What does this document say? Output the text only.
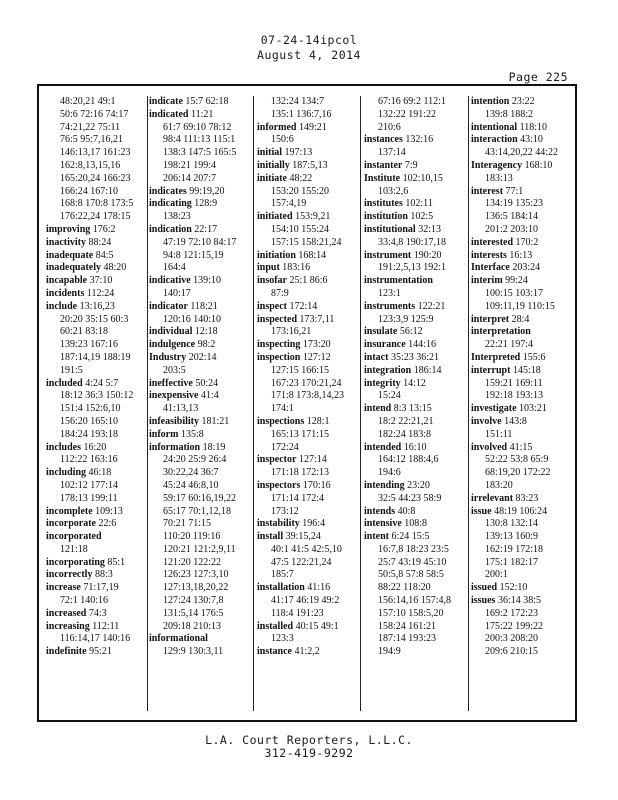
07-24-14ipcol
August 4, 2014
Page 225
48:20,21 49:1
50:6 72:16 74:17
74:21,22 75:11
76:5 95:7,16,21
146:13,17 161:23
162:8,13,15,16
165:20,24 166:23
166:24 167:10
168:8 170:8 173:5
176:22,24 178:15
improving 176:2
inactivity 88:24
inadequate 84:5
inadequately 48:20
incapable 37:10
incidents 112:24
include 13:16,23
20:20 35:15 60:3
60:21 83:18
139:23 167:16
187:14,19 188:19
191:5
included 4:24 5:7
18:12 36:3 150:12
151:4 152:6,10
156:20 165:10
184:24 193:18
includes 16:20
112:22 163:16
including 46:18
102:12 177:14
178:13 199:11
incomplete 109:13
incorporate 22:6
incorporated
121:18
incorporating 85:1
incorrectly 88:3
increase 71:17,19
72:1 140:16
increased 74:3
increasing 112:11
116:14,17 140:16
indefinite 95:21
indicate 15:7 62:18
indicated 11:21
61:7 69:10 78:12
98:4 111:13 115:1
138:3 147:5 165:5
198:21 199:4
206:14 207:7
indicates 99:19,20
indicating 128:9
138:23
indication 22:17
47:19 72:10 84:17
94:8 121:15,19
164:4
indicative 139:10
140:17
indicator 118:21
120:16 140:10
individual 12:18
indulgence 98:2
Industry 202:14
203:5
ineffective 50:24
inexpensive 41:4
41:13,13
infeasibility 181:21
inform 135:8
information 18:19
24:20 25:9 26:4
30:22,24 36:7
45:24 46:8,10
59:17 60:16,19,22
65:17 70:1,12,18
70:21 71:15
110:20 119:16
120:21 121:2,9,11
121:20 122:22
126:23 127:3,10
127:13,18,20,22
127:24 130:7,8
131:5,14 176:5
209:18 210:13
informational
129:9 130:3,11
132:24 134:7
135:1 136:7,16
informed 149:21
150:6
initial 197:13
initially 187:5,13
initiate 48:22
153:20 155:20
157:4,19
initiated 153:9,21
154:10 155:24
157:15 158:21,24
initiation 168:14
input 183:16
insofar 25:1 86:6
87:9
inspect 172:14
inspected 173:7,11
173:16,21
inspecting 173:20
inspection 127:12
127:15 166:15
167:23 170:21,24
171:8 173:8,14,23
174:1
inspections 128:1
165:13 171:15
172:24
inspector 127:14
171:18 172:13
inspectors 170:16
171:14 172:4
173:12
instability 196:4
install 39:15,24
40:1 41:5 42:5,10
47:5 122:21,24
185:7
installation 41:16
41:17 46:19 49:2
118:4 191:23
installed 40:15 49:1
123:3
instance 41:2,2
67:16 69:2 112:1
132:22 191:22
210:6
instances 132:16
137:14
instanter 7:9
Institute 102:10,15
103:2,6
institutes 102:11
institution 102:5
institutional 32:13
33:4,8 190:17,18
instrument 190:20
191:2,5,13 192:1
instrumentation
123:1
instruments 122:21
123:3,9 125:9
insulate 56:12
insurance 144:16
intact 35:23 36:21
integration 186:14
integrity 14:12
15:24
intend 8:3 13:15
18:2 22:21,21
182:24 183:8
intended 16:10
164:12 188:4,6
194:6
intending 23:20
32:5 44:23 58:9
intends 40:8
intensive 108:8
intent 6:24 15:5
16:7,8 18:23 23:5
25:7 43:19 45:10
50:5,8 57:8 58:5
88:22 118:20
156:14,16 157:4,8
157:10 158:5,20
158:24 161:21
187:14 193:23
194:9
intention 23:22
139:8 188:2
intentional 118:10
interaction 43:10
43:14,20,22 44:22
Interagency 168:10
183:13
interest 77:1
134:19 135:23
136:5 184:14
201:2 203:10
interested 170:2
interests 16:13
Interface 203:24
interim 99:24
100:15 103:17
109:11,19 110:15
interpret 28:4
interpretation
22:21 197:4
Interpreted 155:6
interrupt 145:18
159:21 169:11
192:18 193:13
investigate 103:21
involve 143:8
151:11
involved 41:15
52:22 53:8 65:9
68:19,20 172:22
183:20
irrelevant 83:23
issue 48:19 106:24
130:8 132:14
139:13 160:9
162:19 172:18
175:1 182:17
200:1
issued 152:10
issues 36:14 38:5
169:2 172:23
175:22 199:22
200:3 208:20
209:6 210:15
L.A. Court Reporters, L.L.C.
312-419-9292
